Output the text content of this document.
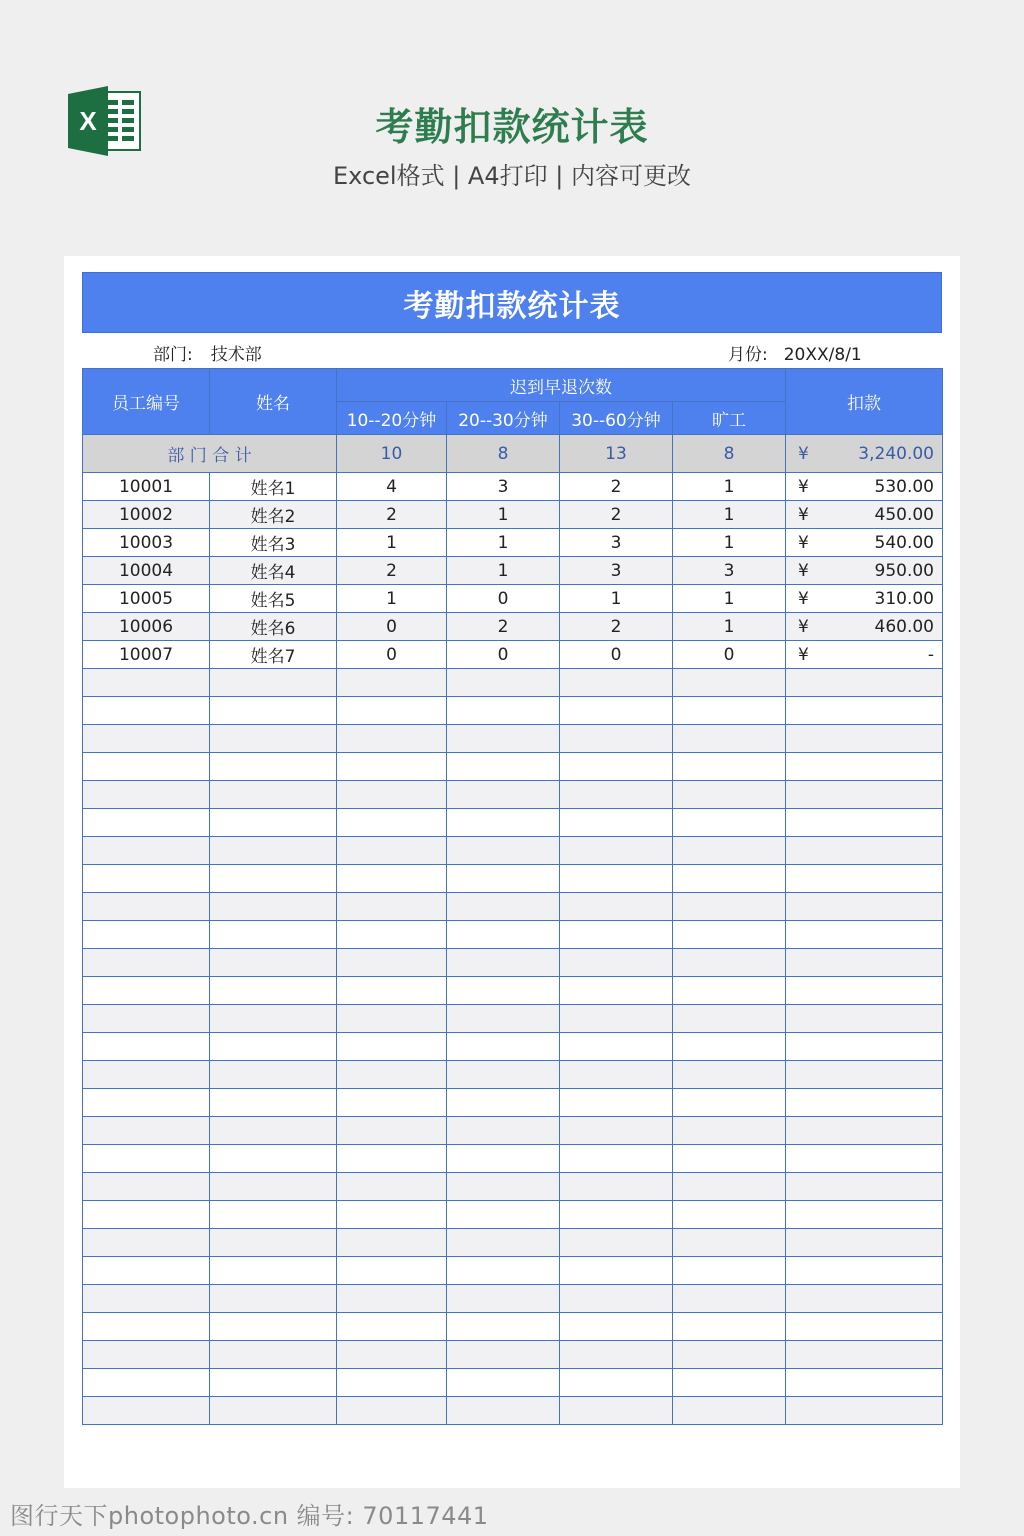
X	考勤扣款统计表
Excel格式 | A4打印 | 内容可更改
考勤扣款统计表
部门: 技术部	月份: 20XX/8/1
员工编号	姓名	迟到早退次数				扣款
		10--20分钟	20--30分钟	30--60分钟	旷工	
部 门 合 计		10	8	13	8	¥ 3,240.00

10001	姓名1	4	3	2	1	¥ 530.00

10002	姓名2	2	1	2	1	¥ 450.00

10003	姓名3	1	1	3	1	¥ 540.00

10004	姓名4	2	1	3	3	¥ 950.00

10005	姓名5	1	0	1	1	¥ 310.00

10006	姓名6	0	2	2	1	¥ 460.00

10007	姓名7	0	0	0	0	¥ -

图行天下photophoto.cn 编号: 70117441
